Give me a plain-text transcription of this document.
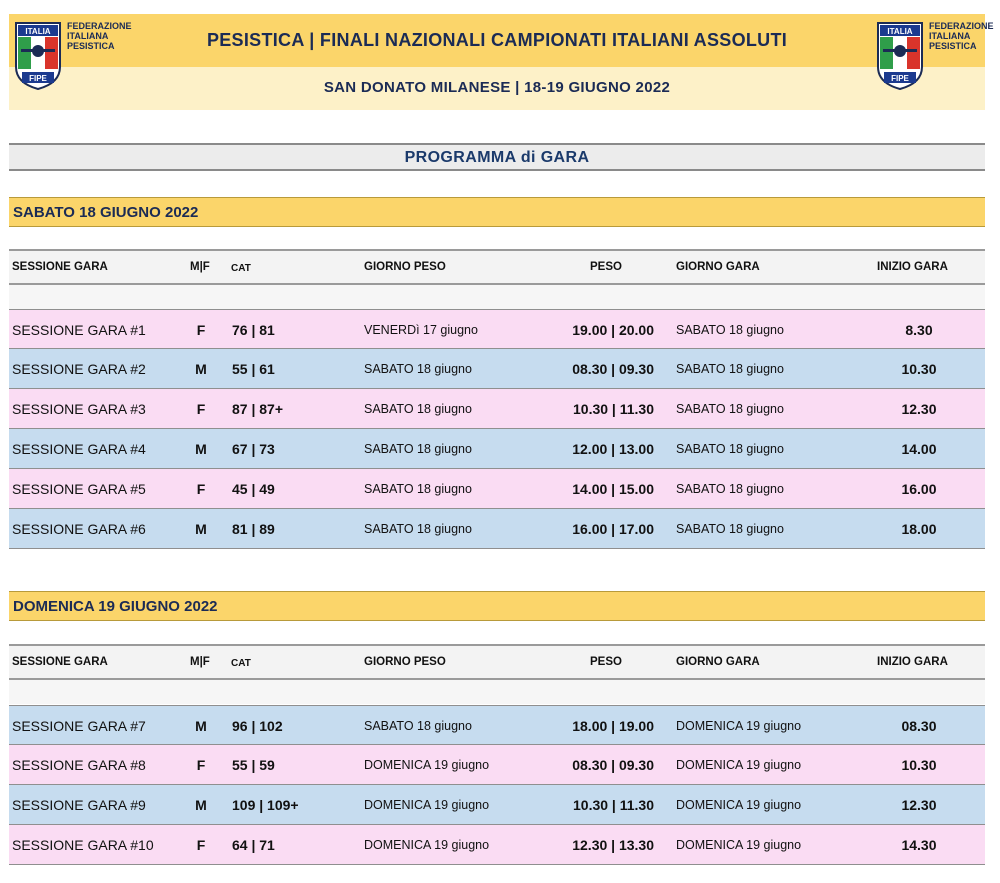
ITALIA
FIPE
FEDERAZIONE
ITALIANA
PESISTICA
ITALIA
FIPE
FEDERAZIONE
ITALIANA
PESISTICA
PESISTICA | FINALI NAZIONALI CAMPIONATI ITALIANI ASSOLUTI
SAN DONATO MILANESE | 18-19 GIUGNO 2022
PROGRAMMA di GARA
SABATO 18 GIUGNO 2022
SESSIONE GARA	M|F CAT	GIORNO PESO	PESO	GIORNO GARA	INIZIO GARA
SESSIONE GARA #1	F 76 | 81	VENERDì 17 giugno	19.00 | 20.00 SABATO 18 giugno	8.30
SESSIONE GARA #2	M 55 | 61	SABATO 18 giugno	08.30 | 09.30 SABATO 18 giugno	10.30
SESSIONE GARA #3	F 87 | 87+	SABATO 18 giugno	10.30 | 11.30 SABATO 18 giugno	12.30
SESSIONE GARA #4	M 67 | 73	SABATO 18 giugno	12.00 | 13.00 SABATO 18 giugno	14.00
SESSIONE GARA #5	F 45 | 49	SABATO 18 giugno	14.00 | 15.00 SABATO 18 giugno	16.00
SESSIONE GARA #6	M 81 | 89	SABATO 18 giugno	16.00 | 17.00 SABATO 18 giugno	18.00
DOMENICA 19 GIUGNO 2022
SESSIONE GARA	M|F CAT	GIORNO PESO	PESO	GIORNO GARA	INIZIO GARA
SESSIONE GARA #7	M 96 | 102	SABATO 18 giugno	18.00 | 19.00 DOMENICA 19 giugno	08.30
SESSIONE GARA #8	F 55 | 59	DOMENICA 19 giugno	08.30 | 09.30 DOMENICA 19 giugno	10.30
SESSIONE GARA #9	M 109 | 109+	DOMENICA 19 giugno	10.30 | 11.30 DOMENICA 19 giugno	12.30
SESSIONE GARA #10	F 64 | 71	DOMENICA 19 giugno	12.30 | 13.30 DOMENICA 19 giugno	14.30
